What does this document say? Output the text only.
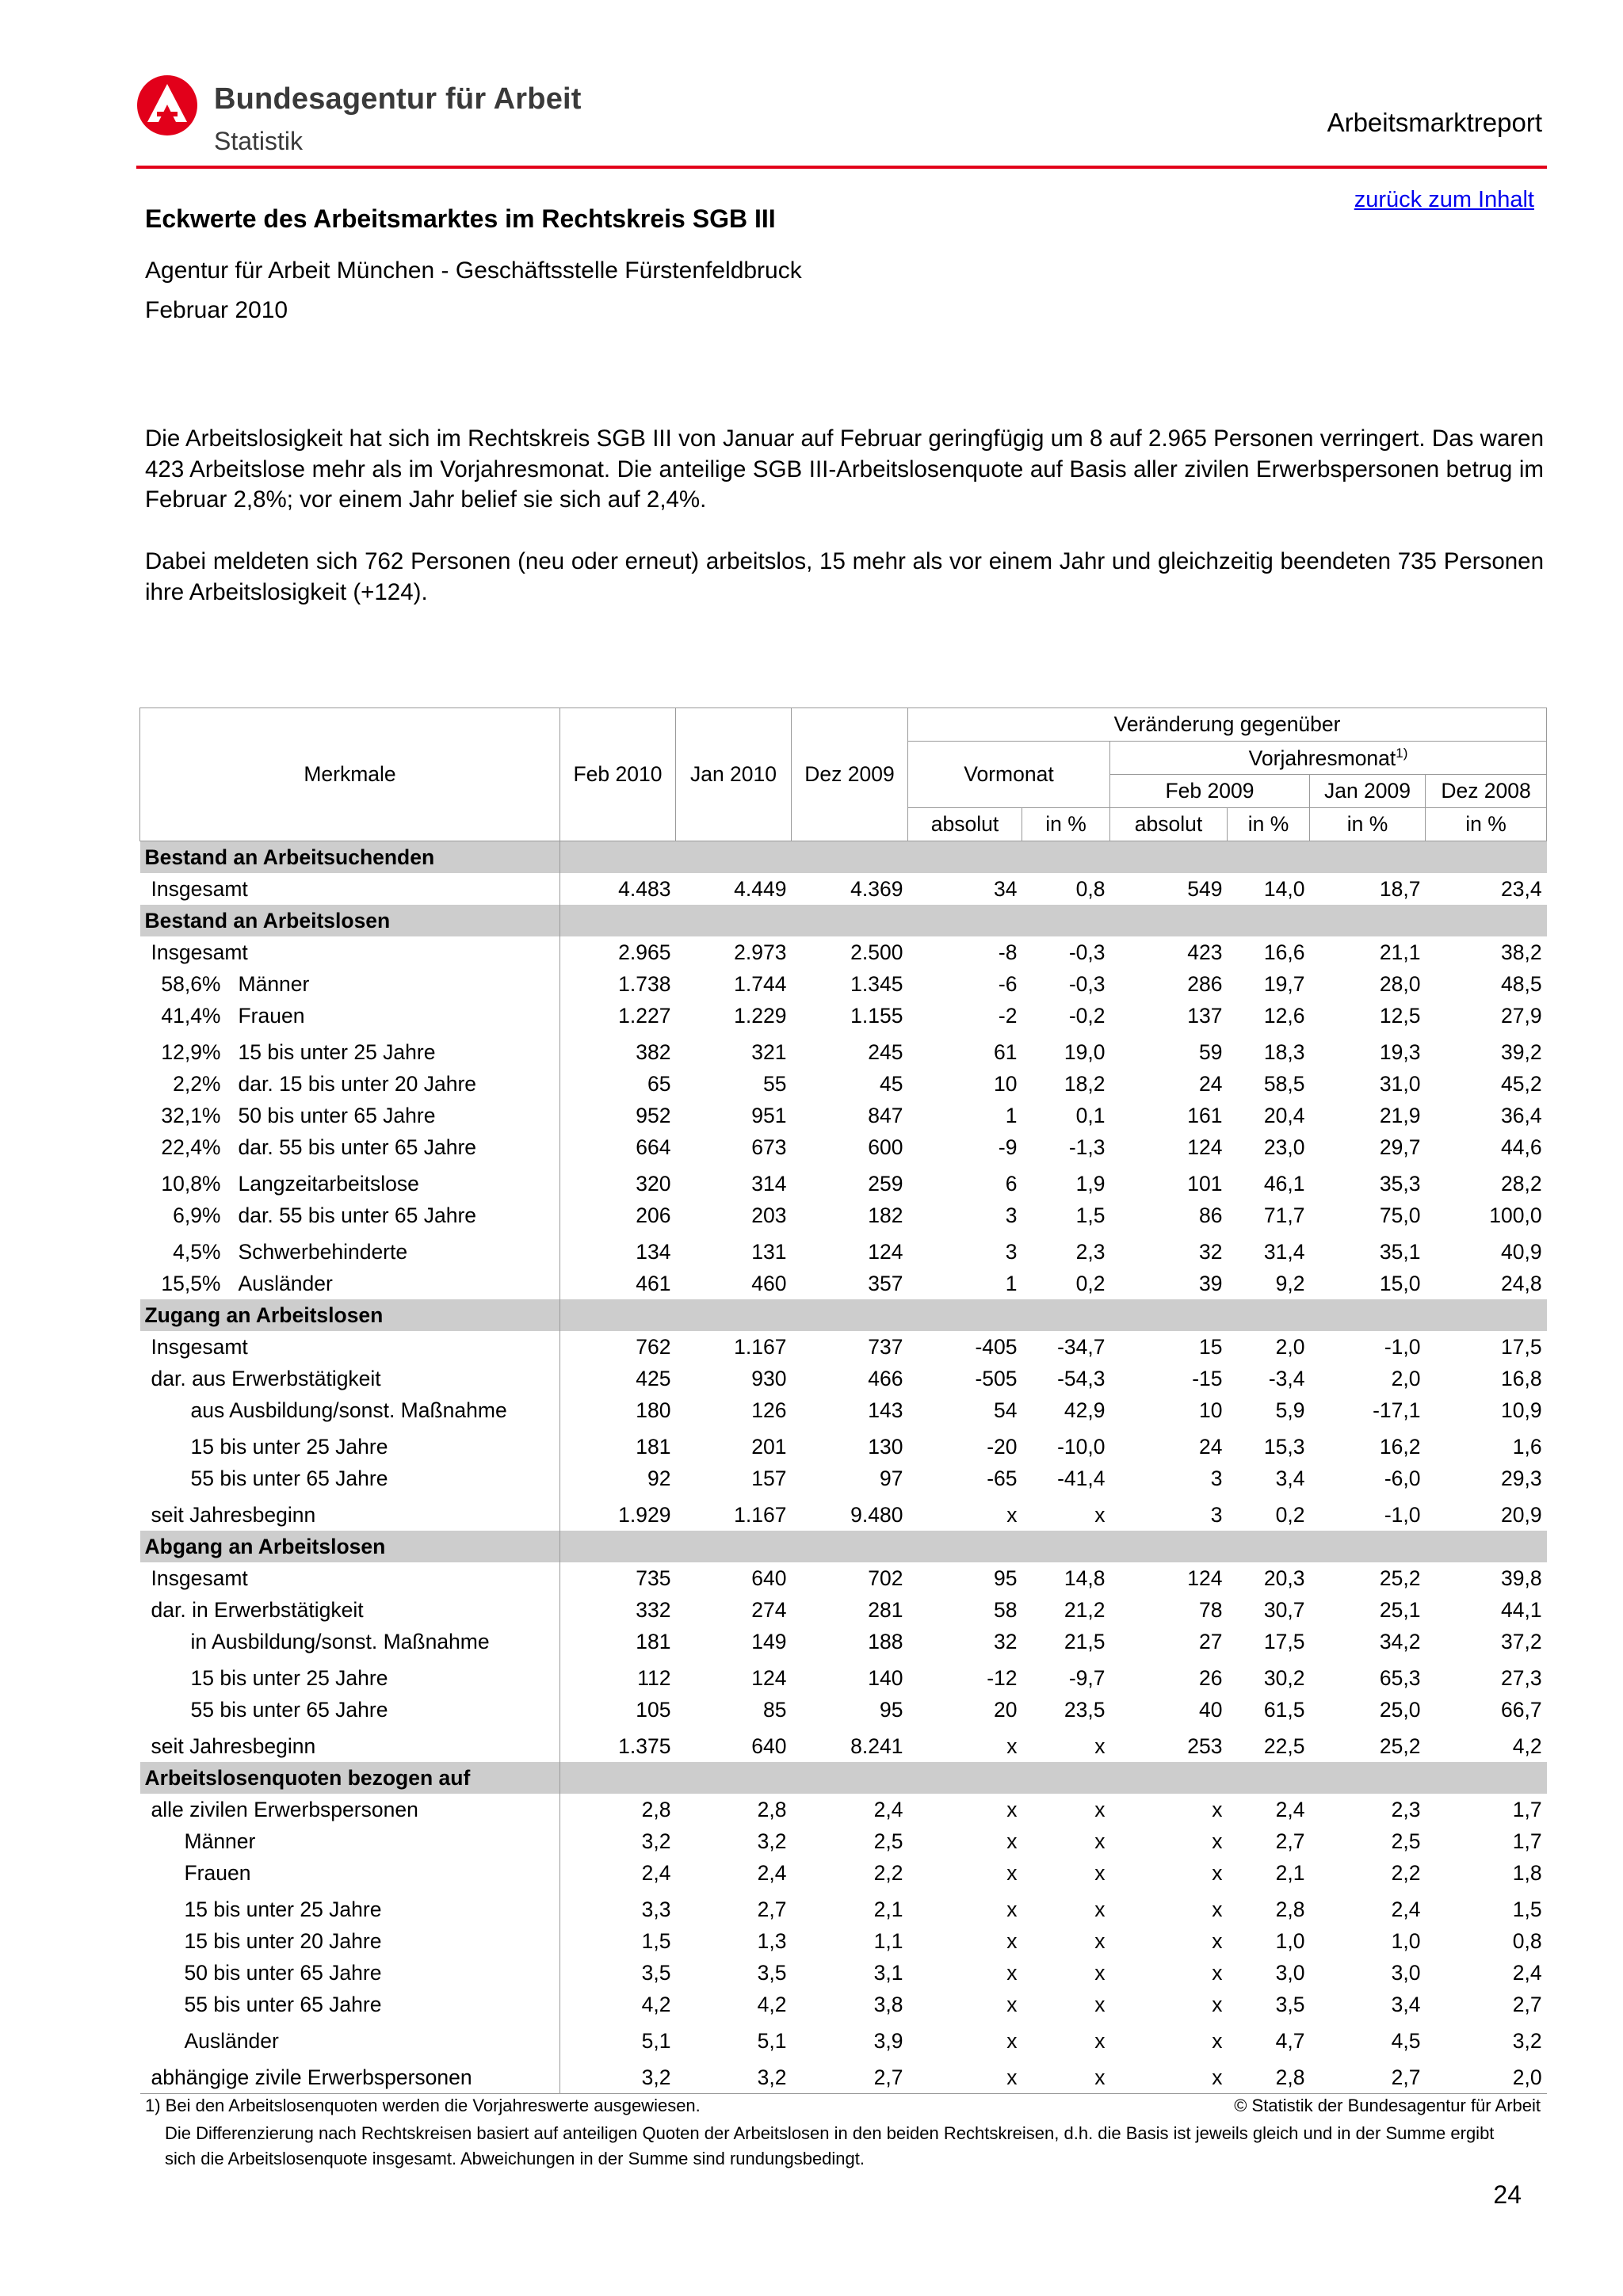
Bundesagentur für Arbeit
Statistik
Arbeitsmarktreport
zurück zum Inhalt
Eckwerte des Arbeitsmarktes im Rechtskreis SGB III
Agentur für Arbeit München - Geschäftsstelle Fürstenfeldbruck
Februar 2010
Die Arbeitslosigkeit hat sich im Rechtskreis SGB III von Januar auf Februar geringfügig um 8 auf 2.965 Personen verringert. Das waren 423 Arbeitslose mehr als im Vorjahresmonat. Die anteilige SGB III-Arbeitslosenquote auf Basis aller zivilen Erwerbspersonen betrug im Februar 2,8%; vor einem Jahr belief sie sich auf 2,4%.
Dabei meldeten sich 762 Personen (neu oder erneut) arbeitslos, 15 mehr als vor einem Jahr und gleichzeitig beendeten 735 Personen ihre Arbeitslosigkeit (+124).
Merkmale	Feb 2010	Jan 2010	Dez 2009	Veränderung gegenüber					
				Vormonat		Vorjahresmonat$^{1)}$
						Feb 2009		Jan 2009	Dez 2008
				absolut	in %	absolut	in %	in %	in %
Bestand an Arbeitsuchenden									
Insgesamt	4.483	4.449	4.369	34	0,8	549	14,0	18,7	23,4
Bestand an Arbeitslosen									
Insgesamt	2.965	2.973	2.500	-8	-0,3	423	16,6	21,1	38,2
58,6% Männer	1.738	1.744	1.345	-6	-0,3	286	19,7	28,0	48,5
41,4% Frauen	1.227	1.229	1.155	-2	-0,2	137	12,6	12,5	27,9
12,9% 15 bis unter 25 Jahre	382	321	245	61	19,0	59	18,3	19,3	39,2
2,2% dar. 15 bis unter 20 Jahre	65	55	45	10	18,2	24	58,5	31,0	45,2
32,1% 50 bis unter 65 Jahre	952	951	847	1	0,1	161	20,4	21,9	36,4
22,4% dar. 55 bis unter 65 Jahre	664	673	600	-9	-1,3	124	23,0	29,7	44,6
10,8% Langzeitarbeitslose	320	314	259	6	1,9	101	46,1	35,3	28,2
6,9% dar. 55 bis unter 65 Jahre	206	203	182	3	1,5	86	71,7	75,0	100,0
4,5% Schwerbehinderte	134	131	124	3	2,3	32	31,4	35,1	40,9
15,5% Ausländer	461	460	357	1	0,2	39	9,2	15,0	24,8
Zugang an Arbeitslosen									
Insgesamt	762	1.167	737	-405	-34,7	15	2,0	-1,0	17,5
dar. aus Erwerbstätigkeit	425	930	466	-505	-54,3	-15	-3,4	2,0	16,8
aus Ausbildung/sonst. Maßnahme	180	126	143	54	42,9	10	5,9	-17,1	10,9
15 bis unter 25 Jahre	181	201	130	-20	-10,0	24	15,3	16,2	1,6
55 bis unter 65 Jahre	92	157	97	-65	-41,4	3	3,4	-6,0	29,3
seit Jahresbeginn	1.929	1.167	9.480	x	x	3	0,2	-1,0	20,9
Abgang an Arbeitslosen									
Insgesamt	735	640	702	95	14,8	124	20,3	25,2	39,8
dar. in Erwerbstätigkeit	332	274	281	58	21,2	78	30,7	25,1	44,1
in Ausbildung/sonst. Maßnahme	181	149	188	32	21,5	27	17,5	34,2	37,2
15 bis unter 25 Jahre	112	124	140	-12	-9,7	26	30,2	65,3	27,3
55 bis unter 65 Jahre	105	85	95	20	23,5	40	61,5	25,0	66,7
seit Jahresbeginn	1.375	640	8.241	x	x	253	22,5	25,2	4,2
Arbeitslosenquoten bezogen auf									
alle zivilen Erwerbspersonen	2,8	2,8	2,4	x	x	x	2,4	2,3	1,7
Männer	3,2	3,2	2,5	x	x	x	2,7	2,5	1,7
Frauen	2,4	2,4	2,2	x	x	x	2,1	2,2	1,8
15 bis unter 25 Jahre	3,3	2,7	2,1	x	x	x	2,8	2,4	1,5
15 bis unter 20 Jahre	1,5	1,3	1,1	x	x	x	1,0	1,0	0,8
50 bis unter 65 Jahre	3,5	3,5	3,1	x	x	x	3,0	3,0	2,4
55 bis unter 65 Jahre	4,2	4,2	3,8	x	x	x	3,5	3,4	2,7
Ausländer	5,1	5,1	3,9	x	x	x	4,7	4,5	3,2
abhängige zivile Erwerbspersonen	3,2	3,2	2,7	x	x	x	2,8	2,7	2,0
1) Bei den Arbeitslosenquoten werden die Vorjahreswerte ausgewiesen.	© Statistik der Bundesagentur für Arbeit
Die Differenzierung nach Rechtskreisen basiert auf anteiligen Quoten der Arbeitslosen in den beiden Rechtskreisen, d.h. die Basis ist jeweils gleich und in der Summe ergibt sich die Arbeitslosenquote insgesamt. Abweichungen in der Summe sind rundungsbedingt.
24
